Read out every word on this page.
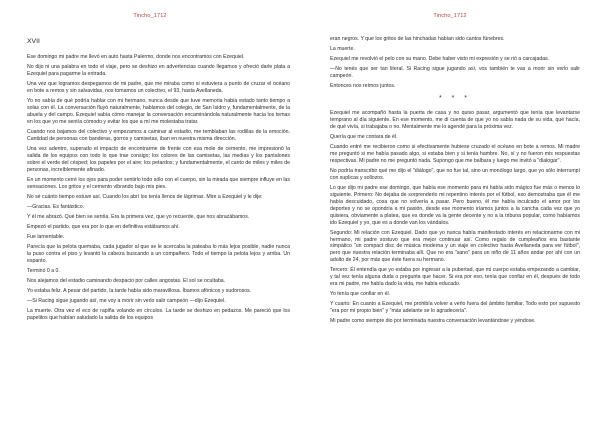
Tincho_1712

XVII

Ese domingo mi padre me llevó en auto hasta Palermo, donde nos encontramos con Ezequiel.

No dijo ni una palabra en todo el viaje, pero se deshizo en advertencias cuando llegamos y ofreció darle plata a Ezequiel para pagarme la entrada.

Una vez que logramos despegarnos de mi padre, que me miraba como si estuviera a punto de cruzar el océano en bote a remos y sin salvavidas, nos tomamos un colectivo, el 93, hasta Avellaneda.

Yo no sabía de qué podría hablar con mi hermano, nunca desde que tuve memoria había estado tanto tiempo a solas con él. La conversación fluyó naturalmente, hablamos del colegio, de San Isidro y, fundamentalmente, de la abuela y del campo. Ezequiel sabía cómo manejar la conversación encaminándola naturalmente hacia los temas en los que yo me sentía cómodo y evitar los que a mí me molestaba tratar.

Cuando nos bajamos del colectivo y empezamos a caminar al estadio, me temblaban las rodillas de la emoción. Cantidad de personas con banderas, gorros y camisetas, iban en nuestra misma dirección.

Una vez adentro, superado el impacto de encontrarme de frente con esa mole de cemento, me impresionó la salida de los equipos con todo lo que trae consigo; los colores de las camisetas, las medias y los pantalones sobre el verde del césped; los papeles por el aire; los petardos; y fundamentalmente, el canto de miles y miles de personas, increíblemente afinado.

En un momento cerré los ojos para poder sentirlo todo sólo con el cuerpo, sin la mirada que siempre influye en las sensaciones. Los gritos y el cemento vibrando bajo mis pies.

No sé cuánto tiempo estuve así. Cuando los abrí los tenía llenos de lágrimas. Mire a Ezequiel y le dije:

—Gracias. Es fantástico.

Y él me abrazó. Qué bien se sentía. Era la primera vez, que yo recuerde, que nos abrazábamos.

Empezó el partido, que era por lo que en definitiva estábamos ahí.

Fue lamentable.

Parecía que la pelota quemaba, cada jugador al que se le acercaba la pateaba lo más lejos posible, nadie nunca la puso contra el piso y levantó la cabeza buscando a un compañero. Todo el tiempo la pelota lejos y arriba. Un espanto.

Terminó 0 a 0.

Nos alejamos del estadio caminando despacio por calles angostas. El sol se ocultaba.

Yo estaba feliz. A pesar del partido, la tarde había sido maravillosa. Íbamos afónicos y sudorosos.

—Si Racing sigue jugando así, me voy a morir sin verlo salir campeón —dijo Ezequiel.

La muerte. Otra vez el eco de rapiña volando en círculos. La tarde se deshizo en pedazos. Me pareció que los papelitos que habían saludado la salida de los equipos

Tincho_1712

eran negros. Y que los gritos de las hinchadas habían sido cantos fúnebres.

La muerte.

Ezequiel me revolvió el pelo con su mano. Debe haber visto mi expresión y se rió a carcajadas.

—No tenés que ser tan literal. Si Racing sigue jugando así, vos también te vas a morir sin verlo salir campeón.

Entonces nos reímos juntos.

* * *

Ezequiel me acompañó hasta la puerta de casa y no quiso pasar, argumentó que tenía que levantarse temprano al día siguiente. En ese momento, me di cuenta de que yo no sabía nada de su vida, qué hacía, de qué vivía, si trabajaba o no. Mentalmente me lo agendé para la próxima vez.

Quería que me contara de él.

Cuando entré me recibieron como si efectivamente hubiese cruzado el océano en bote a remos. Mi madre me preguntó si me había pasado algo, si estaba bien y si tenía hambre. No, sí y no fueron mis respuestas respectivas. Mi padre no me preguntó nada. Supongo que me balbara y luego me invitó a "dialogar".

No podría transcribir qué me dijo el "diálogo", que no fue tal, sino un monólogo largo, que yo sólo interrumpí con suplicas y sollozos.

Lo que dijo mi padre ese domingo, que había ese momento para mi había sido mágico fue más o menos lo siguiente. Primero: No dejaba de sorprenderlo mi repentino interés por el fútbol, eso demostraba que él me había descuidado, cosa que no volvería a pasar. Pero bueno, él me había inculcado el amor por los deportes y no se opondría a mi pasión, desde ese momento iríamos juntos a la cancha cada vez que yo quisiera, obviamente a platea, que es donde va la gente decente y no a la tribuna popular, como habíamos ido Ezequiel y yo, que es a donde van los vándalos.

Segundo: Mi relación con Ezequiel. Dado que yo nunca había manifestado interés en relacionarme con mi hermano, mi padre sostuvo que era mejor continuar así. Como regalo de cumpleaños era bastante simpático "un compact disc de música moderna y un viaje en colectivo hasta Avellaneda para ver fútbol", pero que nuestra relación terminaba allí. Que no era "sano" para un niño de 11 años andar por ahí con un adulto de 24, por más que éste fuera su hermano.

Tercero: Él entendía que yo estaba por ingresar a la pubertad, que mi cuerpo estaba empezando a cambiar, y tal vez tenía alguna duda o pregunta que hacer. Si era por eso, tenía que confiar en él, después de todo era mi padre, me había dado la vida, me había educado.

Yo tenía que confiar en él.

Y cuarto: En cuanto a Ezequiel, me prohibía volver a verlo fuera del ámbito familiar. Todo esto por supuesto "era por mi propio bien" y "más adelante se lo agradecería".

Mi padre como siempre dio por terminada nuestra conversación levantándose y yéndose.
